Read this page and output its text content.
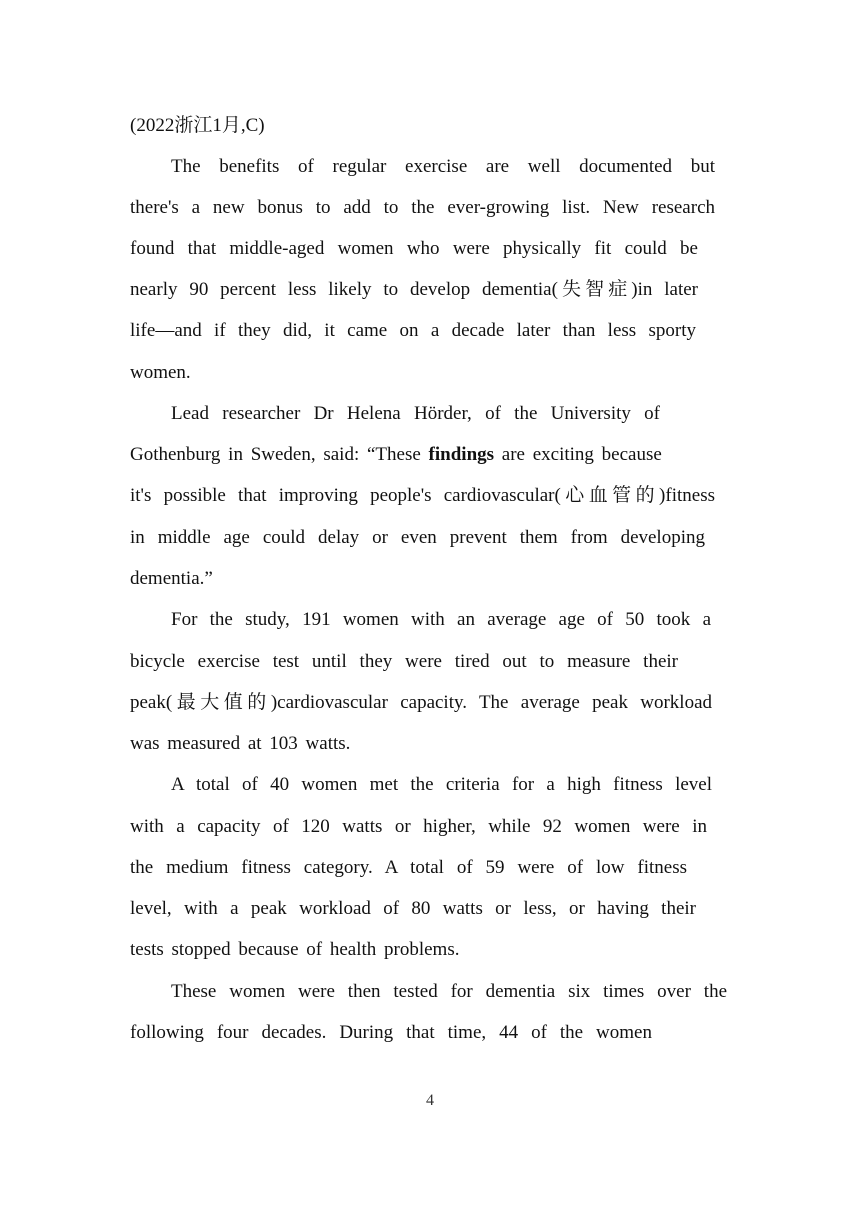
(2022浙江1月,C)
The benefits of regular exercise are well documented but
there's a new bonus to add to the ever-growing list. New research
found that middle-aged women who were physically fit could be
nearly 90 percent less likely to develop dementia(失智症)in later
life—and if they did, it came on a decade later than less sporty
women.
Lead researcher Dr Helena Hörder, of the University of
Gothenburg in Sweden, said: “These findings are exciting because
it's possible that improving people's cardiovascular(心血管的)fitness
in middle age could delay or even prevent them from developing
dementia.”
For the study, 191 women with an average age of 50 took a
bicycle exercise test until they were tired out to measure their
peak(最大值的)cardiovascular capacity. The average peak workload
was measured at 103 watts.
A total of 40 women met the criteria for a high fitness level
with a capacity of 120 watts or higher, while 92 women were in
the medium fitness category. A total of 59 were of low fitness
level, with a peak workload of 80 watts or less, or having their
tests stopped because of health problems.
These women were then tested for dementia six times over the
following four decades. During that time, 44 of the women
4
